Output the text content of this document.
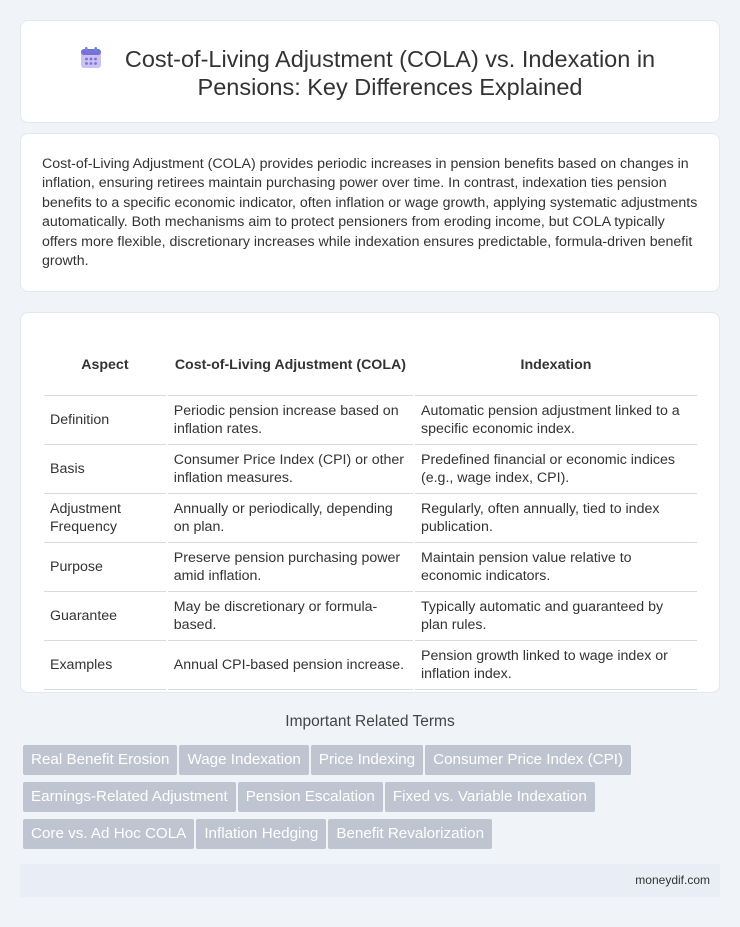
Cost-of-Living Adjustment (COLA) vs. Indexation in Pensions: Key Differences Explained

Cost-of-Living Adjustment (COLA) provides periodic increases in pension benefits based on changes in inflation, ensuring retirees maintain purchasing power over time. In contrast, indexation ties pension benefits to a specific economic indicator, often inflation or wage growth, applying systematic adjustments automatically. Both mechanisms aim to protect pensioners from eroding income, but COLA typically offers more flexible, discretionary increases while indexation ensures predictable, formula-driven benefit growth.

Aspect	Cost-of-Living Adjustment (COLA)	Indexation
Definition	Periodic pension increase based on inflation rates.	Automatic pension adjustment linked to a specific economic index.
Basis	Consumer Price Index (CPI) or other inflation measures.	Predefined financial or economic indices (e.g., wage index, CPI).
Adjustment Frequency	Annually or periodically, depending on plan.	Regularly, often annually, tied to index publication.
Purpose	Preserve pension purchasing power amid inflation.	Maintain pension value relative to economic indicators.
Guarantee	May be discretionary or formula-based.	Typically automatic and guaranteed by plan rules.
Examples	Annual CPI-based pension increase.	Pension growth linked to wage index or inflation index.
Important Related Terms
Real Benefit Erosion Wage Indexation Price Indexing Consumer Price Index (CPI)
Earnings-Related Adjustment Pension Escalation Fixed vs. Variable Indexation
Core vs. Ad Hoc COLA Inflation Hedging Benefit Revalorization
moneydif.com
